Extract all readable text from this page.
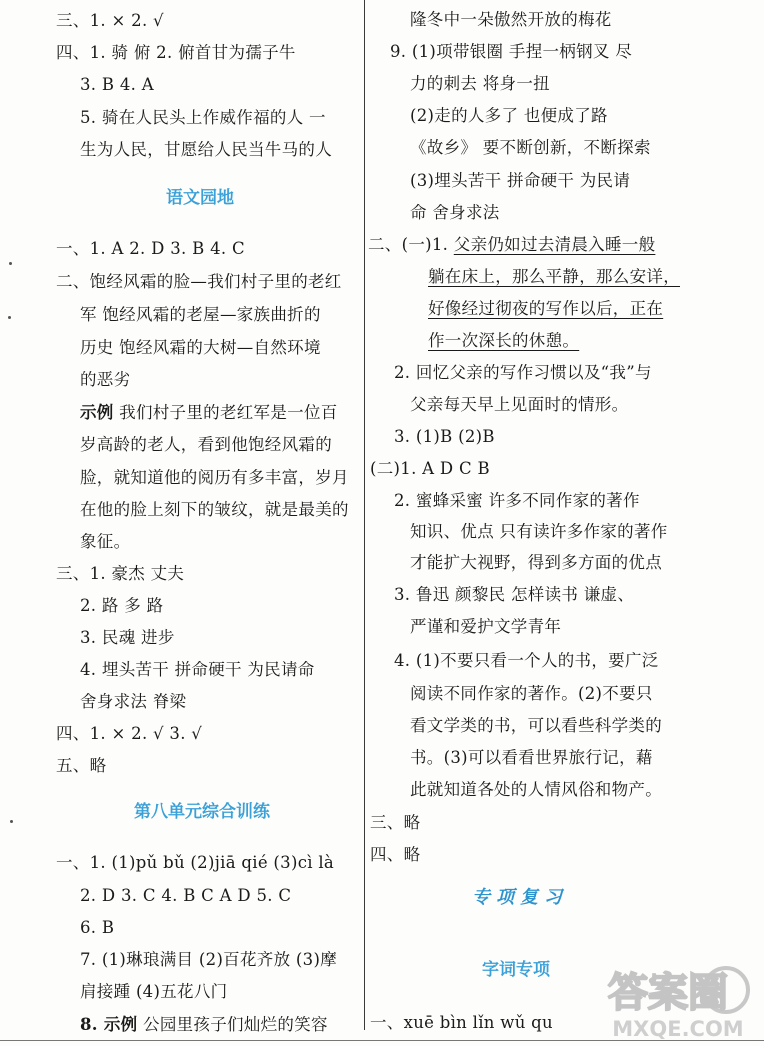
三、1. × 2. √
四、1. 骑 俯 2. 俯首甘为孺子牛
3. B 4. A
5. 骑在人民头上作威作福的人 一
生为人民，甘愿给人民当牛马的人
语文园地
一、1. A 2. D 3. B 4. C
二、饱经风霜的脸—我们村子里的老红
军 饱经风霜的老屋—家族曲折的
历史 饱经风霜的大树—自然环境
的恶劣
示例 我们村子里的老红军是一位百
岁高龄的老人，看到他饱经风霜的
脸，就知道他的阅历有多丰富，岁月
在他的脸上刻下的皱纹，就是最美的
象征。
三、1. 豪杰 丈夫
2. 路 多 路
3. 民魂 进步
4. 埋头苦干 拼命硬干 为民请命
舍身求法 脊梁
四、1. × 2. √ 3. √
五、略
第八单元综合训练
一、1. (1)pǔ bǔ (2)jiā qié (3)cì là
2. D 3. C 4. B C A D 5. C
6. B
7. (1)琳琅满目 (2)百花齐放 (3)摩
肩接踵 (4)五花八门
8. 示例 公园里孩子们灿烂的笑容
隆冬中一朵傲然开放的梅花
9. (1)项带银圈 手捏一柄钢叉 尽
力的刺去 将身一扭
(2)走的人多了 也便成了路
《故乡》 要不断创新，不断探索
(3)埋头苦干 拼命硬干 为民请
命 舍身求法
二、(一)1. 父亲仍如过去清晨入睡一般
躺在床上，那么平静，那么安详，
好像经过彻夜的写作以后，正在
作一次深长的休憩。
2. 回忆父亲的写作习惯以及“我”与
父亲每天早上见面时的情形。
3. (1)B (2)B
(二)1. A D C B
2. 蜜蜂采蜜 许多不同作家的著作
知识、优点 只有读许多作家的著作
才能扩大视野，得到多方面的优点
3. 鲁迅 颜黎民 怎样读书 谦虚、
严谨和爱护文学青年
4. (1)不要只看一个人的书，要广泛
阅读不同作家的著作。(2)不要只
看文学类的书，可以看些科学类的
书。(3)可以看看世界旅行记，藉
此就知道各处的人情风俗和物产。
三、略
四、略
专项复习
字词专项
一、xuē bìn lǐn wǔ qu
答案圈
MXQE.COM
